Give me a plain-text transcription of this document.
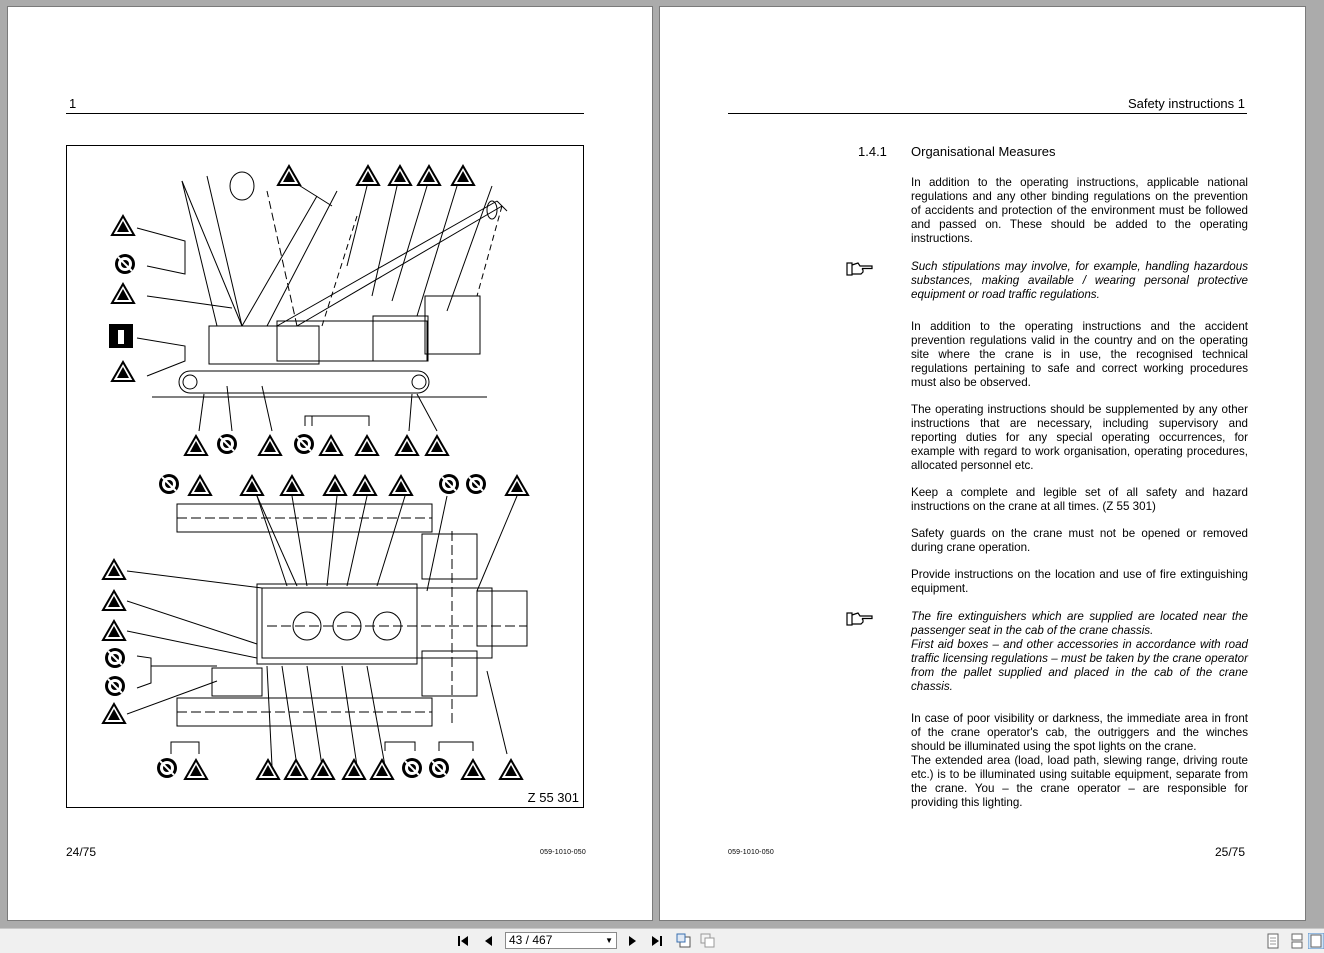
1
Z 55 301
24/75	059-1010-050
Safety instructions 1
1.4.1 Organisational Measures

In addition to the operating instructions, applicable national regulations and any other binding regulations on the prevention of accidents and protection of the environment must be followed and passed on. These should be added to the operating instructions.

Such stipulations may involve, for example, handling hazardous substances, making available / wearing personal protective equipment or road traffic regulations.

In addition to the operating instructions and the accident prevention regulations valid in the country and on the operating site where the crane is in use, the recognised technical regulations pertaining to safe and correct working procedures must also be observed.

The operating instructions should be supplemented by any other instructions that are necessary, including supervisory and reporting duties for any special operating occurrences, for example with regard to work organisation, operating procedures, allocated personnel etc.

Keep a complete and legible set of all safety and hazard instructions on the crane at all times. (Z 55 301)

Safety guards on the crane must not be opened or removed during crane operation.

Provide instructions on the location and use of fire extinguishing equipment.

The fire extinguishers which are supplied are located near the passenger seat in the cab of the crane chassis.

First aid boxes – and other accessories in accordance with road traffic licensing regulations – must be taken by the crane operator from the pallet supplied and placed in the cab of the crane chassis.

In case of poor visibility or darkness, the immediate area in front of the crane operator's cab, the outriggers and the winches should be illuminated using the spot lights on the crane.

The extended area (load, load path, slewing range, driving route etc.) is to be illuminated using suitable equipment, separate from the crane. You – the crane operator – are responsible for providing this lighting.

059-1010-050	25/75
43 / 467	▼
